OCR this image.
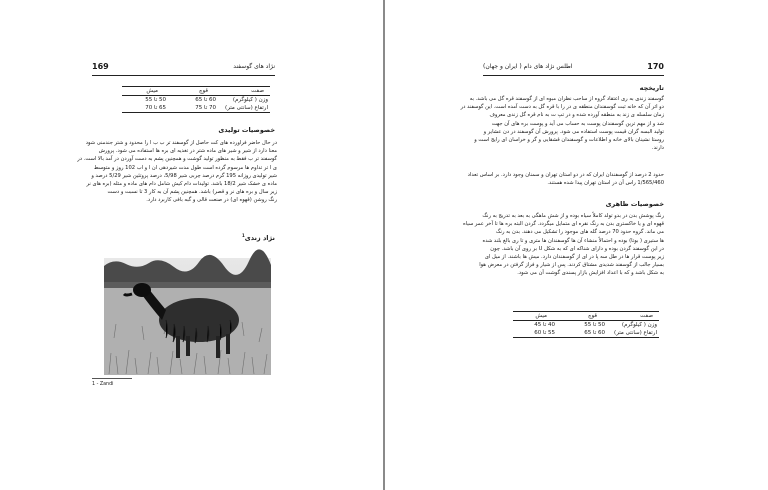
169	نژاد های گوسفند
صفت
قوچ
میش
وزن ( کیلوگرم)
60 تا 65
50 تا 55
ارتفاع (سانتی متر)
70 تا 75
65 تا 70
خصوصیات تولیدی
در حال حاضر فراورده های کت حاصل از گوسفند تر ب ب ا را محدود و شتر جندمنی شود
معنا دارد از شیر و شیر های ماده شتر در تغذیه ای بره ها استفاده می شود. پرورش
گوسفند تر ب فقط به منظور تولید گوشت و همچنین پشم به دست آوردن در آمد بالا است. در
ی ا تر تداوم ها مرسوم گرده است طول مدت شیردهی ان ا و اب 102 روز و متوسط
شیر تولیدی روزانه 195 گرم درصد چربی شیر 5/98، درصد پروتئین شیر 5/29 درصد و
ماده ی خشک شیر 18/2 باشد. تولیدات دام کیش شامل دام های ماده و مثله (بره های نر
زیر سال و بره های نر و قصر) باشد. همچنین پشم آن به کار 3 تا نسبت و دست
رنگ روشن (قهوه ای) در صنعت قالی و گبه بافی کاربرد دارد.
نژاد زندی$^1$
1 - Zandi
اطلس نژاد های دام ( ایران و جهان)	170
تاریخچه
گوسفند زندی به ری اعتقاد گروه از ساحب نظران مبوه ای از گوسفند قره گل می باشد. به
دو اثر آن که خانه ثبت گوسفندان منطقه ی در را با قره گل به دست آمده است. این گوسفند در
زمان سلسله ی زند به منطقه آورده شده و در تپ ت به نام قره گل زندی معروف
شد و از مهم ترین گوسفندان پوست به حساب می آید و پوست بره های آن جهت
تولید البسه گران قیمت پوست استفاده می شود. پرورش آن گوسفند در دن عشایر و
روستا نشینان بالای خانه و اطلاعات و گوسفندان قشقایی و گر و خراسان ای رایج است و
دارند.
حدود 2 درصد از گوسفندان ایران که در دو استان تهران و سمنان وجود دارد. بر اساس تعداد
1/565/460 راس آن در استان تهران پیدا شده هستند.
خصوصیات ظاهری
رنگ پوشش بدن در بدو تولد کاملاً سیاه بوده و از شش ماهگی به بعد به تدریج به رنگ
قهوه ای و یا خاکستری بدن به رنگ نقره ای متمایل میگردد. گردن البته بره ها تا آخر عمر سیاه
می ماند. گروه حدود 70 درصد گله های موجود را تشکیل می دهند. بدن به رنگ
ها ستیری ( بوتا) بوده و احتمالاً منشاء آن ها گوسفندان ها متری و تا ری بالغ بلند شده
در این گوسفند گردن بوده و دارای شناکه ای که به شکل U بر روی آن باشد. چون
زیر پوست قرار ها در طل سه پا در ای از گوسفندان دارد. میش ها باشند. از میل ای
بسیار جالب از گوسفند شدیدی مشتاق کردند. پس از شیار و فراز گرفتن در معرض هوا
به شکل باشد و که با اعداد افزایش بازار پسندی گوشت آن می شود.
صفت
قوچ
میش
وزن ( کیلوگرم)
50 تا 55
40 تا 45
ارتفاع (سانتی متر)
60 تا 65
55 تا 60
